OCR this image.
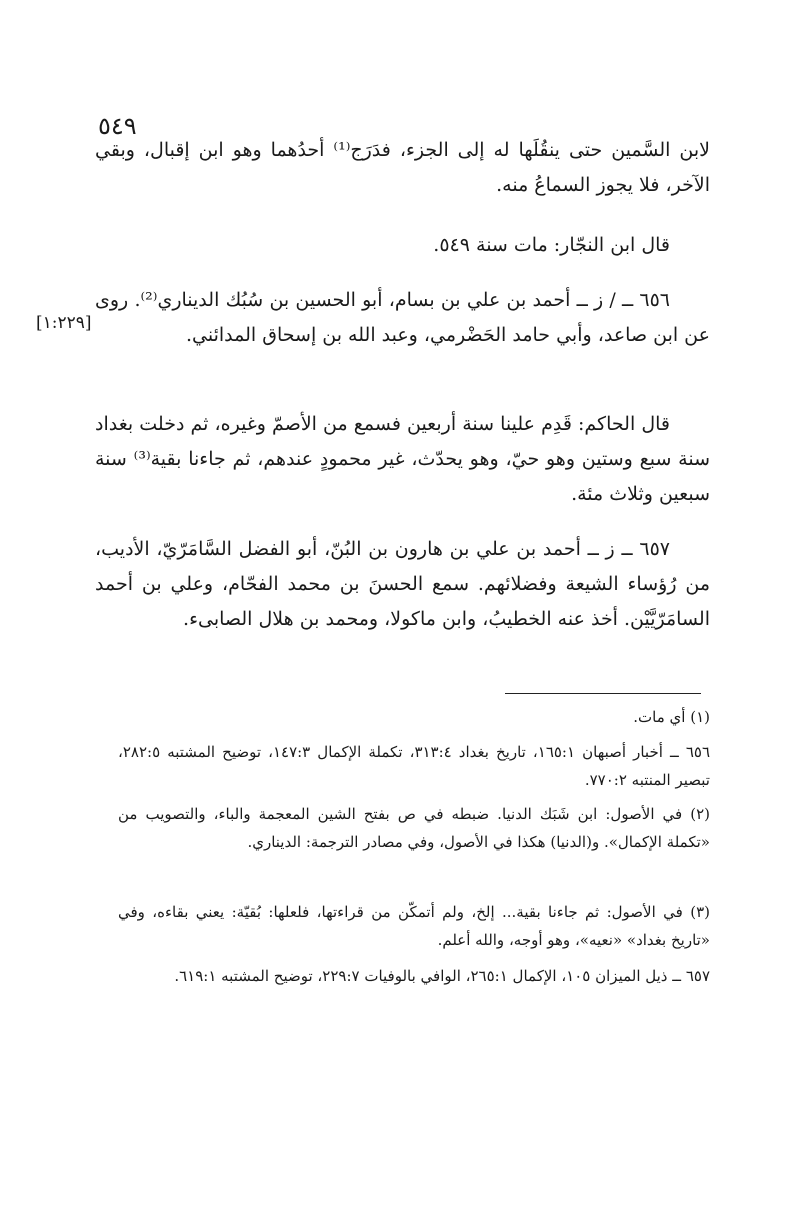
٥٤٩

لابن السَّمين حتى ينقُلَها له إلى الجزء، فدَرَج⁽¹⁾ أحدُهما وهو ابن إقبال، وبقي الآخر، فلا يجوز السماعُ منه.

قال ابن النجّار: مات سنة ٥٤٩.

[١:٢٢٩]

٦٥٦ ــ / ز ــ أحمد بن علي بن بسام، أبو الحسين بن سُبُك الديناري⁽²⁾. روى عن ابن صاعد، وأبي حامد الحَضْرمي، وعبد الله بن إسحاق المدائني.

قال الحاكم: قَدِم علينا سنة أربعين فسمع من الأصمّ وغيره، ثم دخلت بغداد سنة سبع وستين وهو حيّ، وهو يحدّث، غير محمودٍ عندهم، ثم جاءنا بقية⁽³⁾ سنة سبعين وثلاث مئة.

٦٥٧ ــ ز ــ أحمد بن علي بن هارون بن البُنّ، أبو الفضل السَّامَرّيّ، الأديب، من رُؤساء الشيعة وفضلائهم. سمع الحسنَ بن محمد الفحّام، وعلي بن أحمد السامَرّيَّيْن. أخذ عنه الخطيبُ، وابن ماكولا، ومحمد بن هلال الصابىء.

(١) أي مات.

٦٥٦ ــ أخبار أصبهان ١٦٥:١، تاريخ بغداد ٣١٣:٤، تكملة الإكمال ١٤٧:٣، توضيح المشتبه ٢٨٢:٥، تبصير المنتبه ٧٧٠:٢.

(٢) في الأصول: ابن شَبَك الدنيا. ضبطه في ص بفتح الشين المعجمة والباء، والتصويب من «تكملة الإكمال». و(الدنيا) هكذا في الأصول، وفي مصادر الترجمة: الديناري.

(٣) في الأصول: ثم جاءنا بقية... إلخ، ولم أتمكّن من قراءتها، فلعلها: بُقيّة: يعني بقاءه، وفي «تاريخ بغداد» «نعيه»، وهو أوجه، والله أعلم.

٦٥٧ ــ ذيل الميزان ١٠٥، الإكمال ٢٦٥:١، الوافي بالوفيات ٢٢٩:٧، توضيح المشتبه ٦١٩:١.
